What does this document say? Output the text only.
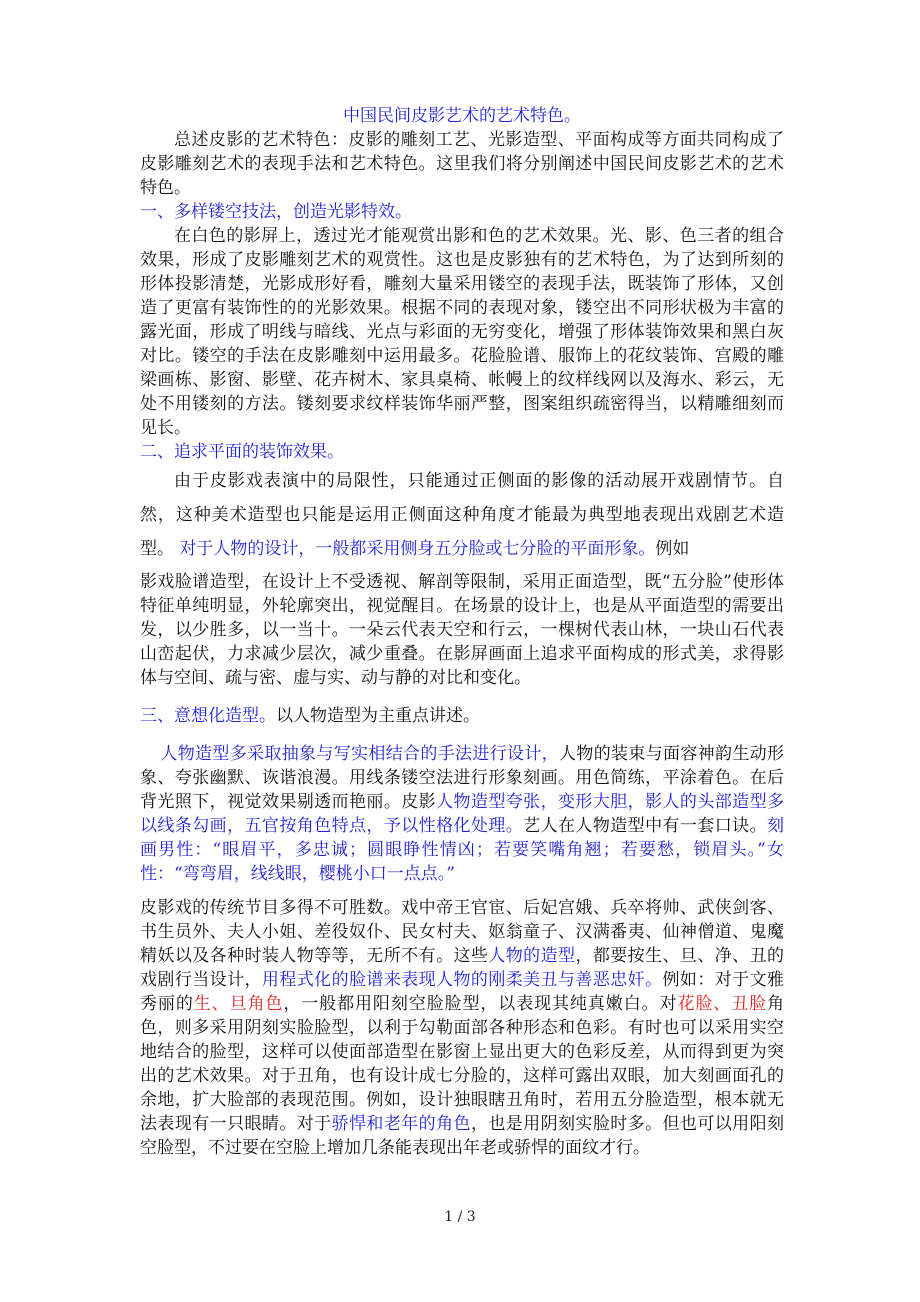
中国民间皮影艺术的艺术特色。

总述皮影的艺术特色：皮影的雕刻工艺、光影造型、平面构成等方面共同构成了皮影雕刻艺术的表现手法和艺术特色。这里我们将分别阐述中国民间皮影艺术的艺术特色。

一、多样镂空技法，创造光影特效。

在白色的影屏上，透过光才能观赏出影和色的艺术效果。光、影、色三者的组合效果，形成了皮影雕刻艺术的观赏性。这也是皮影独有的艺术特色，为了达到所刻的形体投影清楚，光影成形好看，雕刻大量采用镂空的表现手法，既装饰了形体，又创造了更富有装饰性的的光影效果。根据不同的表现对象，镂空出不同形状极为丰富的露光面，形成了明线与暗线、光点与彩面的无穷变化，增强了形体装饰效果和黑白灰对比。镂空的手法在皮影雕刻中运用最多。花脸脸谱、服饰上的花纹装饰、宫殿的雕梁画栋、影窗、影壁、花卉树木、家具桌椅、帐幔上的纹样线网以及海水、彩云，无处不用镂刻的方法。镂刻要求纹样装饰华丽严整，图案组织疏密得当，以精雕细刻而见长。

二、追求平面的装饰效果。

由于皮影戏表演中的局限性，只能通过正侧面的影像的活动展开戏剧情节。自然，这种美术造型也只能是运用正侧面这种角度才能最为典型地表现出戏剧艺术造型。 对于人物的设计，一般都采用侧身五分脸或七分脸的平面形象。例如

影戏脸谱造型，在设计上不受透视、解剖等限制，采用正面造型，既“五分脸”使形体特征单纯明显，外轮廓突出，视觉醒目。在场景的设计上，也是从平面造型的需要出发，以少胜多，以一当十。一朵云代表天空和行云，一棵树代表山林，一块山石代表山峦起伏，力求减少层次，减少重叠。在影屏画面上追求平面构成的形式美，求得影体与空间、疏与密、虚与实、动与静的对比和变化。

三、意想化造型。以人物造型为主重点讲述。

人物造型多采取抽象与写实相结合的手法进行设计，人物的装束与面容神韵生动形象、夸张幽默、诙谐浪漫。用线条镂空法进行形象刻画。用色简练，平涂着色。在后背光照下，视觉效果剔透而艳丽。皮影人物造型夸张，变形大胆，影人的头部造型多以线条勾画，五官按角色特点，予以性格化处理。艺人在人物造型中有一套口诀。刻画男性：“眼眉平，多忠诚；圆眼睁性情凶；若要笑嘴角翘；若要愁，锁眉头。”女性：“弯弯眉，线线眼，樱桃小口一点点。”

皮影戏的传统节目多得不可胜数。戏中帝王官宦、后妃宫娥、兵卒将帅、武侠剑客、书生员外、夫人小姐、差役奴仆、民女村夫、妪翁童子、汉满番夷、仙神僧道、鬼魔精妖以及各种时装人物等等，无所不有。这些人物的造型，都要按生、旦、净、丑的戏剧行当设计，用程式化的脸谱来表现人物的刚柔美丑与善恶忠奸。例如：对于文雅秀丽的生、旦角色，一般都用阳刻空脸脸型，以表现其纯真嫩白。对花脸、丑脸角色，则多采用阴刻实脸脸型，以利于勾勒面部各种形态和色彩。有时也可以采用实空地结合的脸型，这样可以使面部造型在影窗上显出更大的色彩反差，从而得到更为突出的艺术效果。对于丑角，也有设计成七分脸的，这样可露出双眼，加大刻画面孔的余地，扩大脸部的表现范围。例如，设计独眼瞎丑角时，若用五分脸造型，根本就无法表现有一只眼睛。对于骄悍和老年的角色，也是用阴刻实脸时多。但也可以用阳刻空脸型，不过要在空脸上增加几条能表现出年老或骄悍的面纹才行。

1 / 3
